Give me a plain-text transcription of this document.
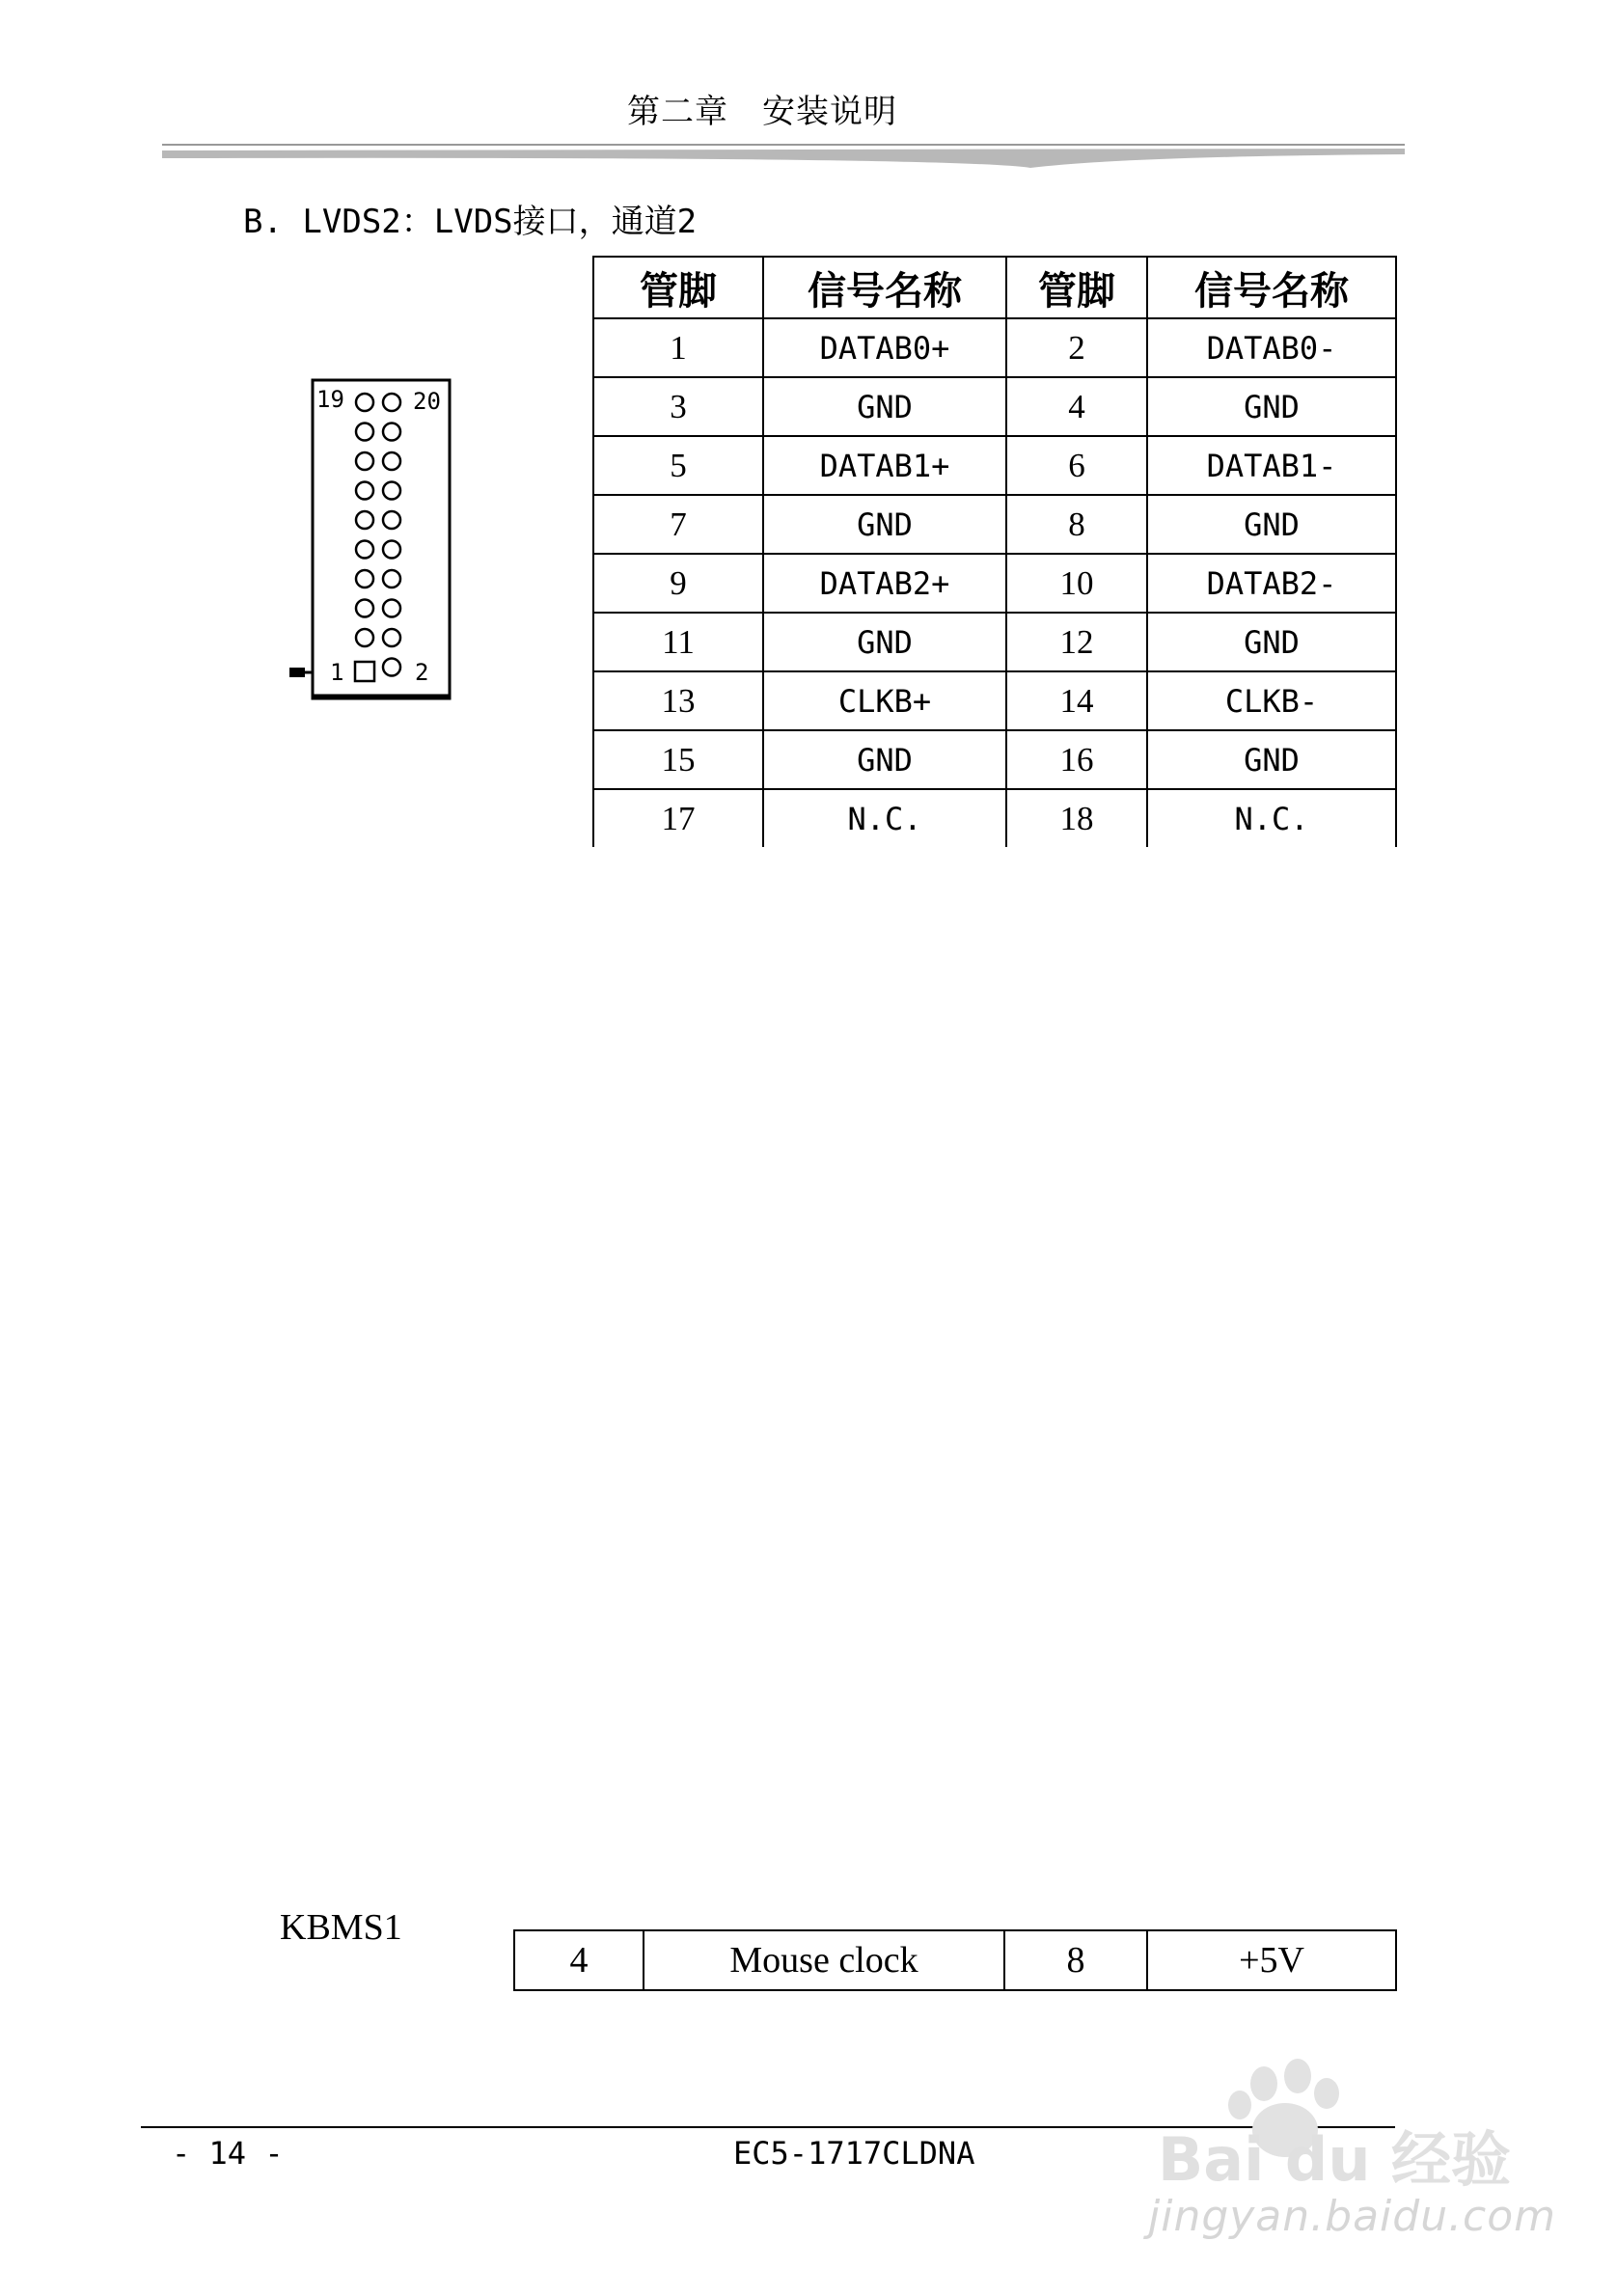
第二章　安装说明
B. LVDS2：LVDS接口，通道2
19	20
1	2
管脚	信号名称	管脚	信号名称
1	DATAB0+	2	DATAB0-
3	GND	4	GND
5	DATAB1+	6	DATAB1-
7	GND	8	GND
9	DATAB2+	10	DATAB2-
11	GND	12	GND
13	CLKB+	14	CLKB-
15	GND	16	GND
17	N.C.	18	N.C.
KBMS1
4	Mouse clock	8	+5V
- 14 -	EC5-1717CLDNA	Bai du 经验
jingyan.baidu.com
